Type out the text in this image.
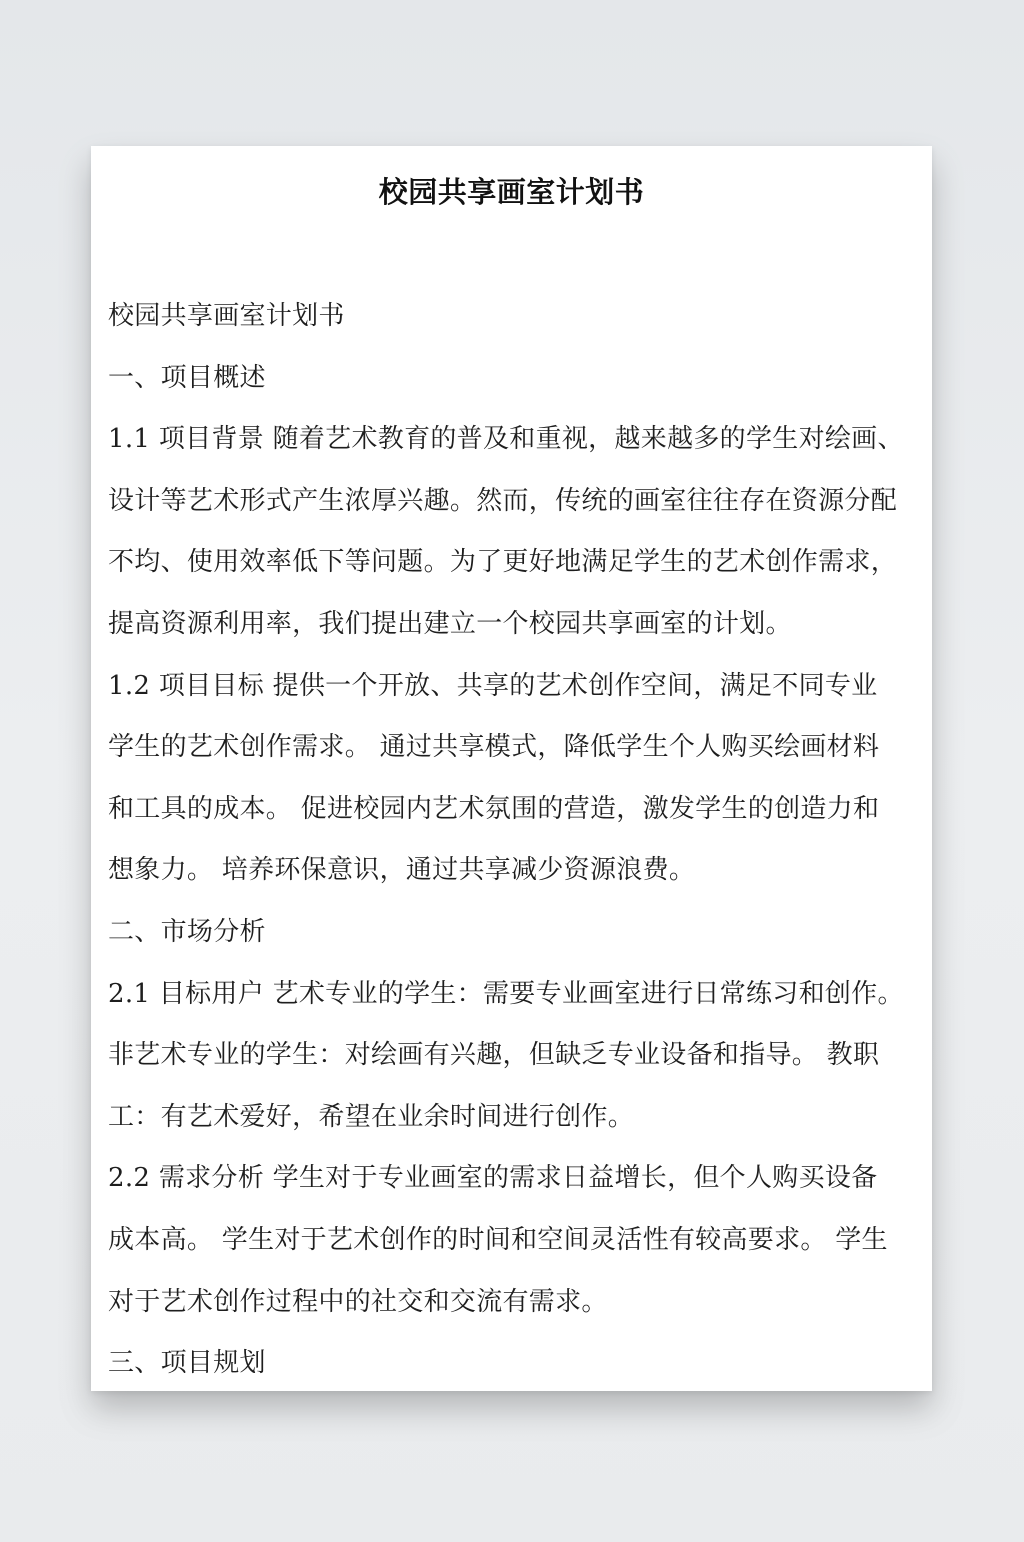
校园共享画室计划书
校园共享画室计划书
一、项目概述
1.1 项目背景 随着艺术教育的普及和重视，越来越多的学生对绘画、
设计等艺术形式产生浓厚兴趣。然而，传统的画室往往存在资源分配
不均、使用效率低下等问题。为了更好地满足学生的艺术创作需求，
提高资源利用率，我们提出建立一个校园共享画室的计划。
1.2 项目目标 提供一个开放、共享的艺术创作空间，满足不同专业
学生的艺术创作需求。 通过共享模式，降低学生个人购买绘画材料
和工具的成本。 促进校园内艺术氛围的营造，激发学生的创造力和
想象力。 培养环保意识，通过共享减少资源浪费。
二、市场分析
2.1 目标用户 艺术专业的学生：需要专业画室进行日常练习和创作。
非艺术专业的学生：对绘画有兴趣，但缺乏专业设备和指导。 教职
工：有艺术爱好，希望在业余时间进行创作。
2.2 需求分析 学生对于专业画室的需求日益增长，但个人购买设备
成本高。 学生对于艺术创作的时间和空间灵活性有较高要求。 学生
对于艺术创作过程中的社交和交流有需求。
三、项目规划
